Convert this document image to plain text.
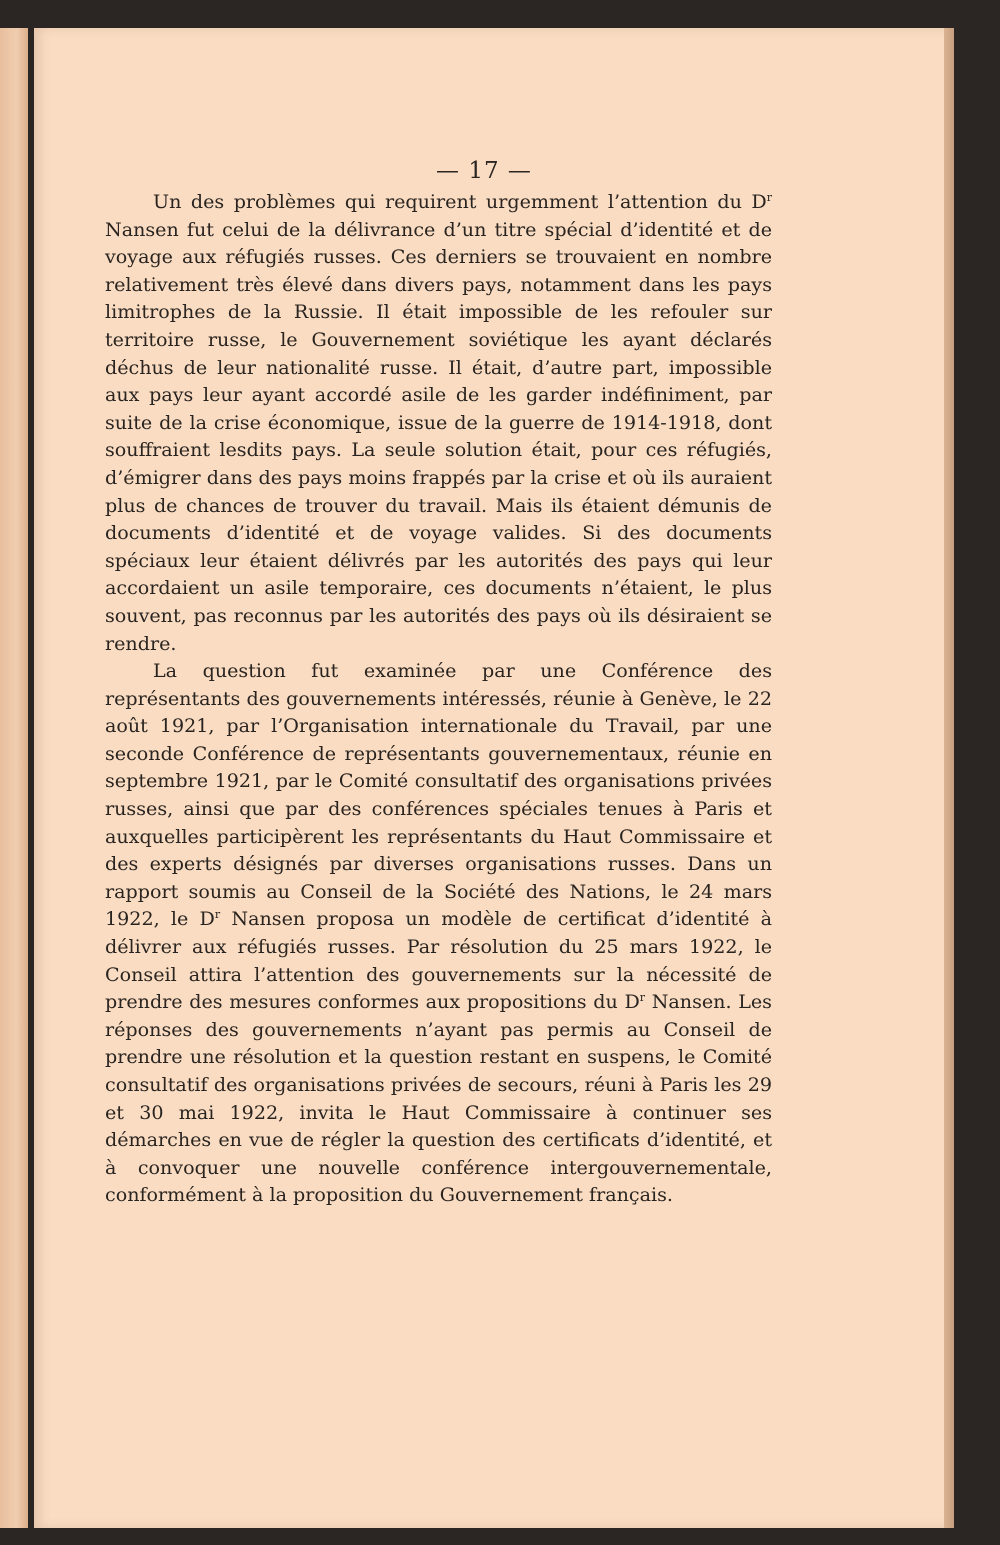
— 17 —

Un des problèmes qui requirent urgemment l’attention du $D^r$ Nansen fut celui de la délivrance d’un titre spécial d’identité et de voyage aux réfugiés russes. Ces derniers se trouvaient en nombre relativement très élevé dans divers pays, notamment dans les pays limitrophes de la Russie. Il était impossible de les refouler sur territoire russe, le Gouvernement soviétique les ayant déclarés déchus de leur nationalité russe. Il était, d’autre part, impossible aux pays leur ayant accordé asile de les garder indéfiniment, par suite de la crise économique, issue de la guerre de 1914-1918, dont souffraient lesdits pays. La seule solution était, pour ces réfugiés, d’émigrer dans des pays moins frappés par la crise et où ils auraient plus de chances de trouver du travail. Mais ils étaient démunis de documents d’identité et de voyage valides. Si des documents spéciaux leur étaient délivrés par les autorités des pays qui leur accordaient un asile temporaire, ces documents n’étaient, le plus souvent, pas reconnus par les autorités des pays où ils désiraient se rendre.

La question fut examinée par une Conférence des représentants des gouvernements intéressés, réunie à Genève, le 22 août 1921, par l’Organisation internationale du Travail, par une seconde Conférence de représentants gouvernementaux, réunie en septembre 1921, par le Comité consultatif des organisations privées russes, ainsi que par des conférences spéciales tenues à Paris et auxquelles participèrent les représentants du Haut Commissaire et des experts désignés par diverses organisations russes. Dans un rapport soumis au Conseil de la Société des Nations, le 24 mars 1922, le $D^r$ Nansen proposa un modèle de certificat d’identité à délivrer aux réfugiés russes. Par résolution du 25 mars 1922, le Conseil attira l’attention des gouvernements sur la nécessité de prendre des mesures conformes aux propositions du $D^r$ Nansen. Les réponses des gouvernements n’ayant pas permis au Conseil de prendre une résolution et la question restant en suspens, le Comité consultatif des organisations privées de secours, réuni à Paris les 29 et 30 mai 1922, invita le Haut Commissaire à continuer ses démarches en vue de régler la question des certificats d’identité, et à convoquer une nouvelle conférence intergouvernementale, conformément à la proposition du Gouvernement français.
